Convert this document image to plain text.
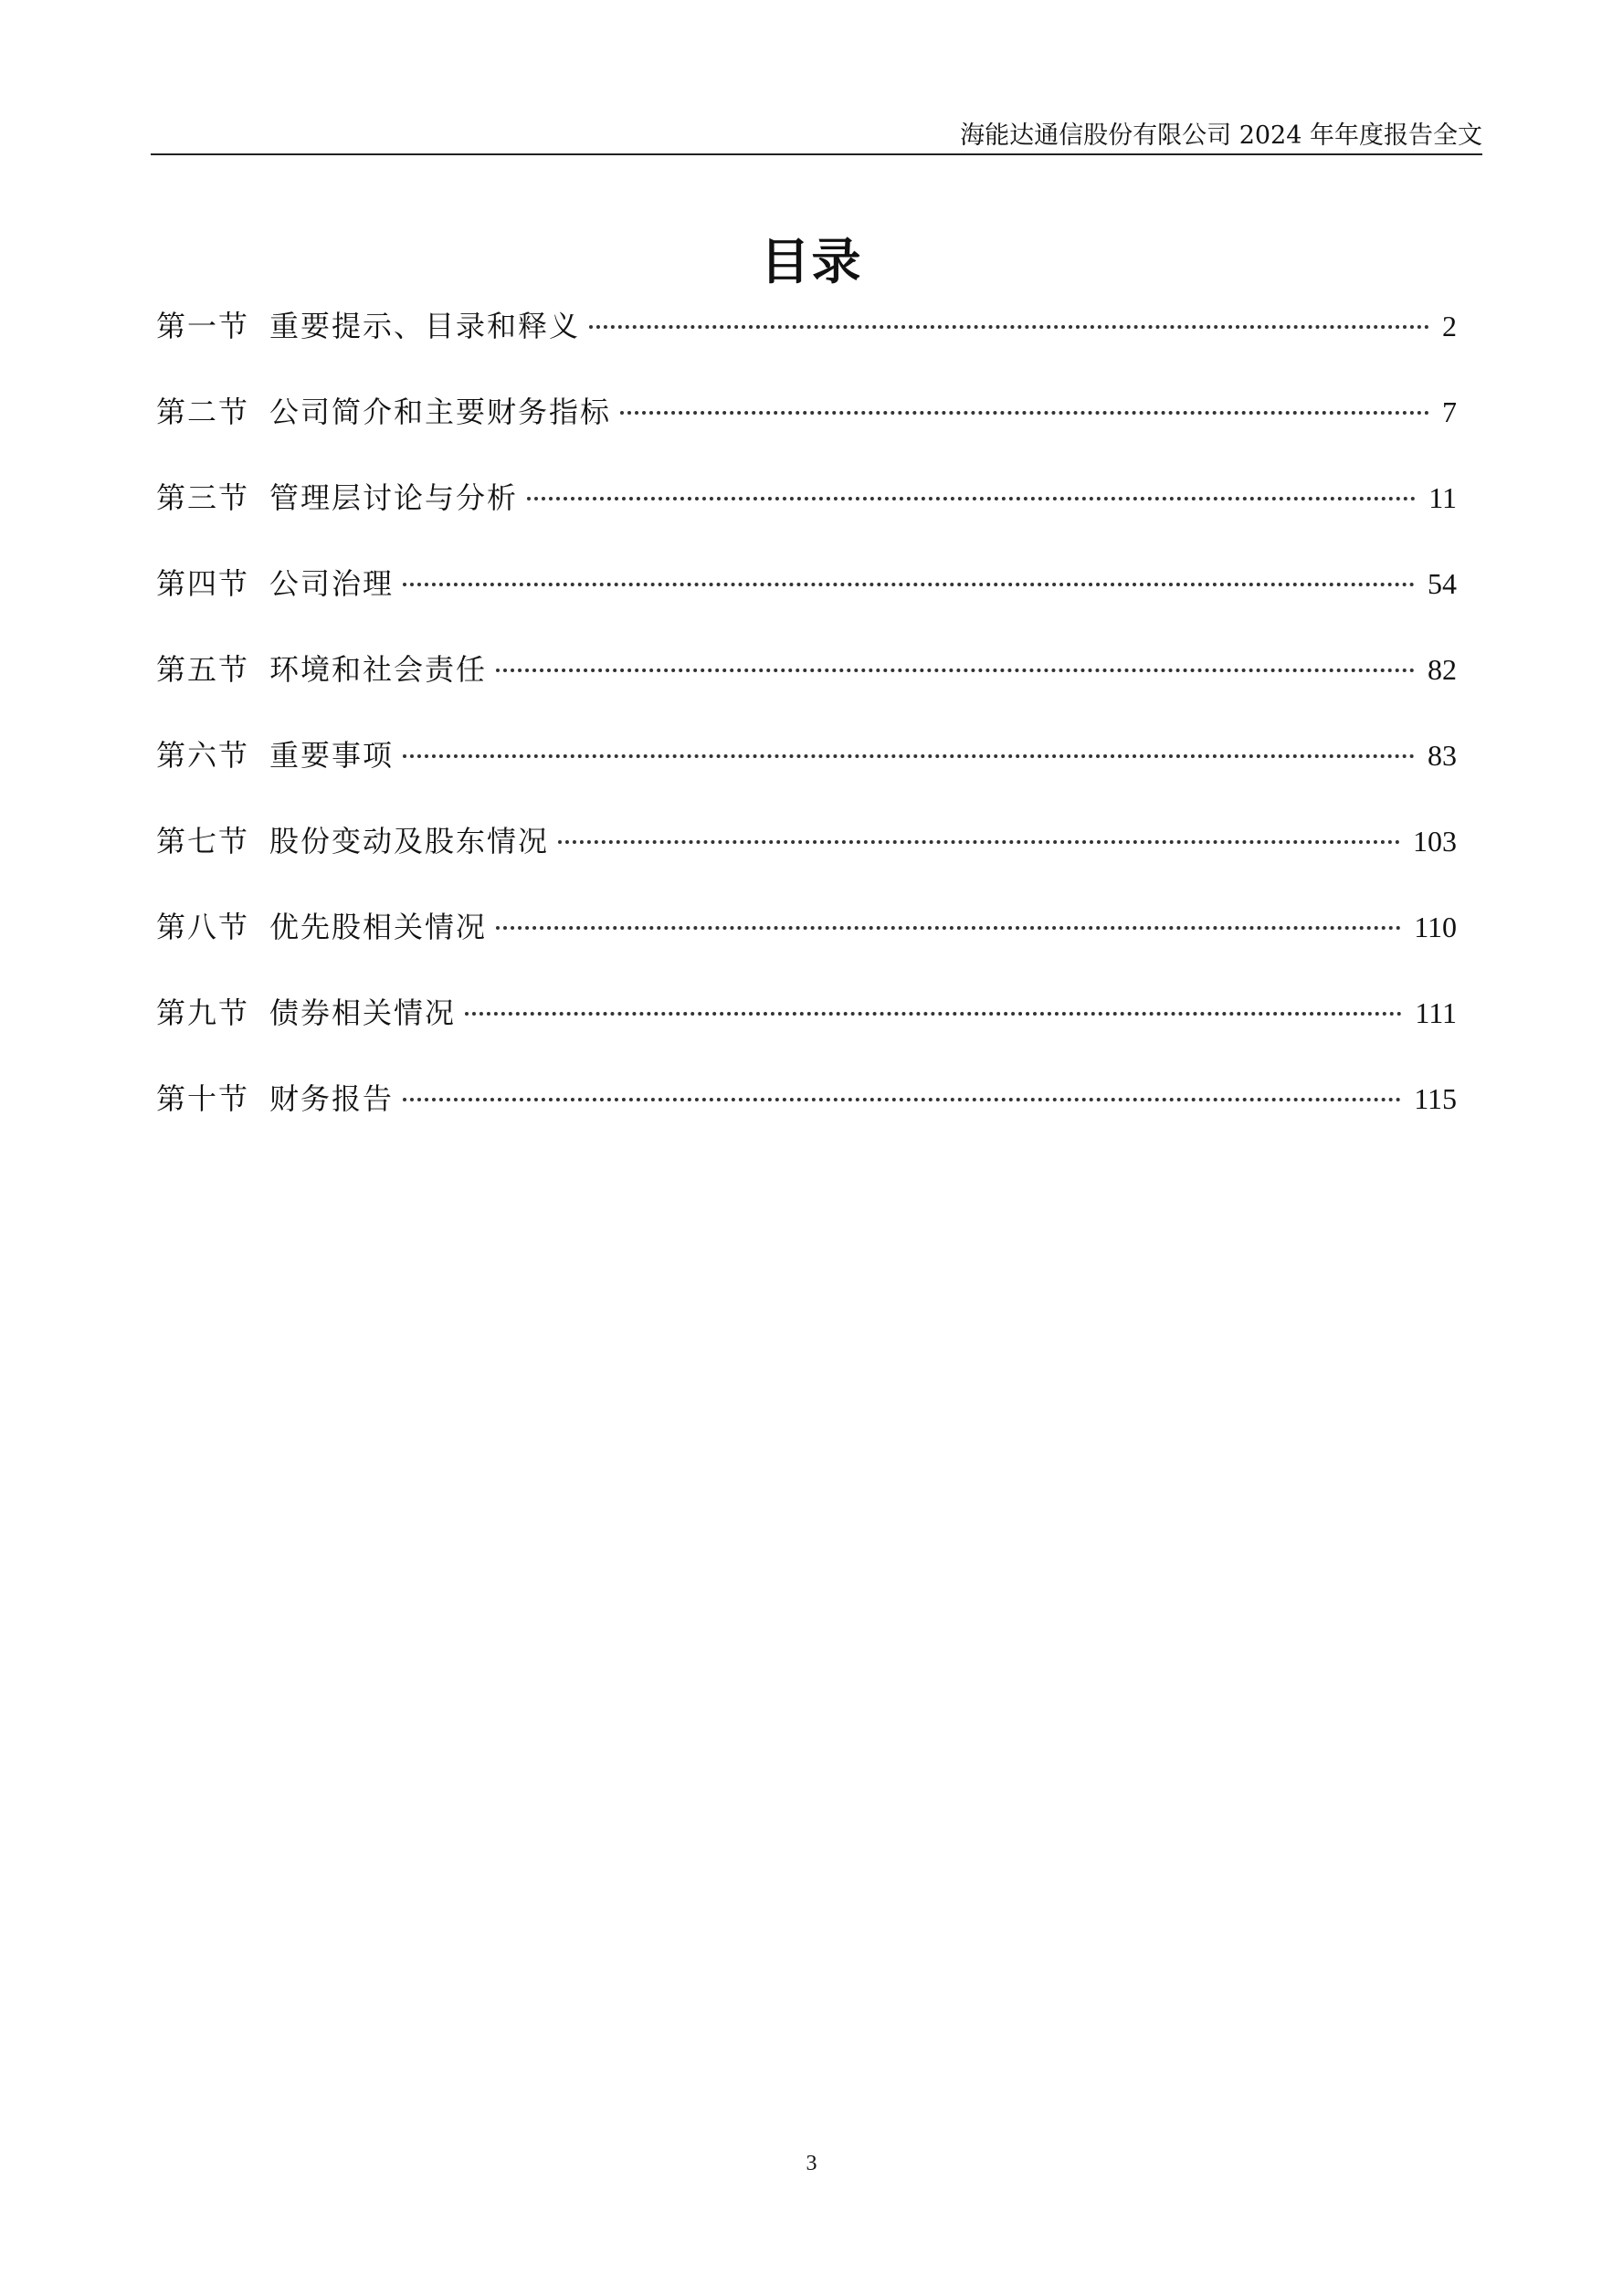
海能达通信股份有限公司 2024 年年度报告全文
目录
第一节 重要提示、目录和释义	2
第二节 公司简介和主要财务指标	7
第三节 管理层讨论与分析	11
第四节 公司治理	54
第五节 环境和社会责任	82
第六节 重要事项	83
第七节 股份变动及股东情况	103
第八节 优先股相关情况	110
第九节 债券相关情况	111
第十节 财务报告	115
3
